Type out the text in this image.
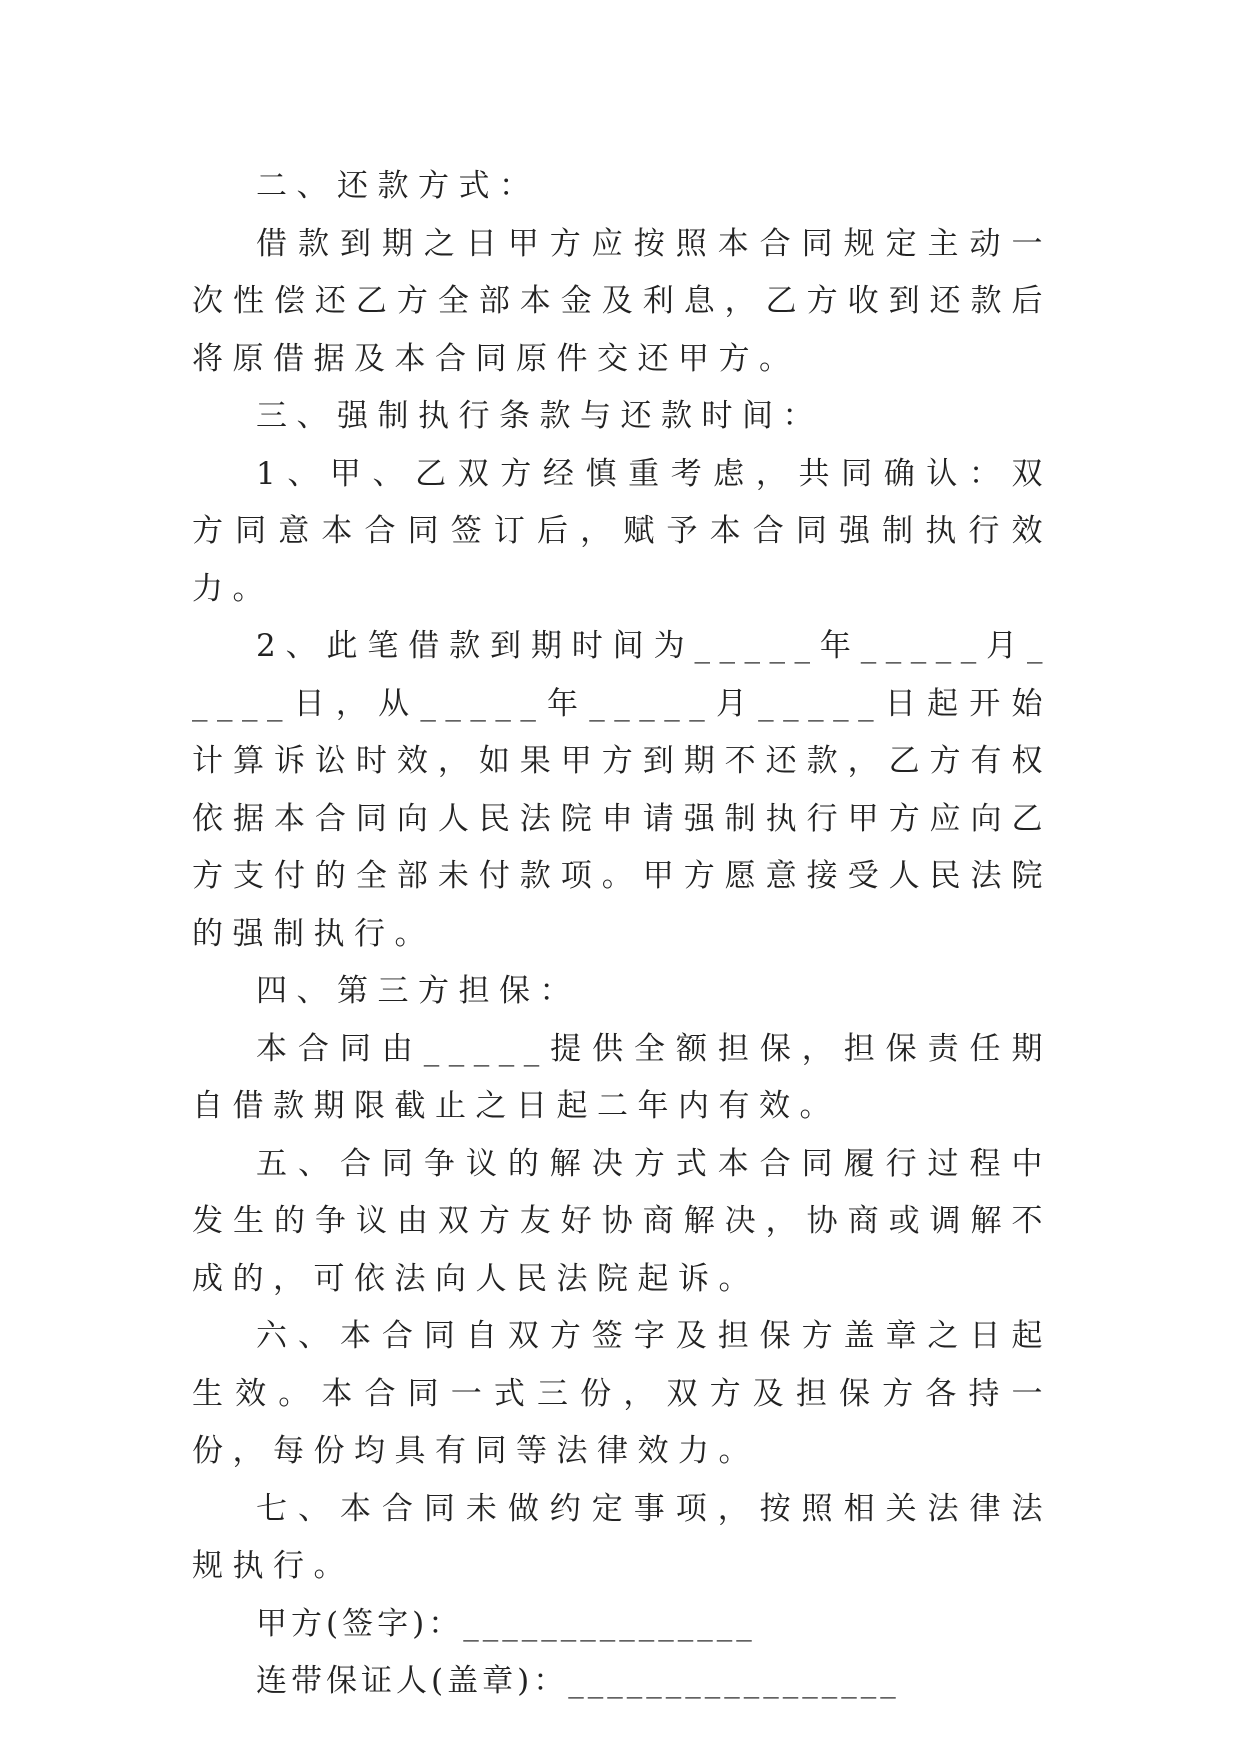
二、还款方式：

借款到期之日甲方应按照本合同规定主动一次性偿还乙方全部本金及利息，乙方收到还款后将原借据及本合同原件交还甲方。

三、强制执行条款与还款时间：

1、甲、乙双方经慎重考虑，共同确认：双方同意本合同签订后，赋予本合同强制执行效力。

2、此笔借款到期时间为_____年_____月_____日，从_____年_____月_____日起开始计算诉讼时效，如果甲方到期不还款，乙方有权依据本合同向人民法院申请强制执行甲方应向乙方支付的全部未付款项。甲方愿意接受人民法院的强制执行。

四、第三方担保：

本合同由_____提供全额担保，担保责任期自借款期限截止之日起二年内有效。

五、合同争议的解决方式本合同履行过程中发生的争议由双方友好协商解决，协商或调解不成的，可依法向人民法院起诉。

六、本合同自双方签字及担保方盖章之日起生效。本合同一式三份，双方及担保方各持一份，每份均具有同等法律效力。

七、本合同未做约定事项，按照相关法律法规执行。

甲方(签字)：_______________
连带保证人(盖章)：_________________
